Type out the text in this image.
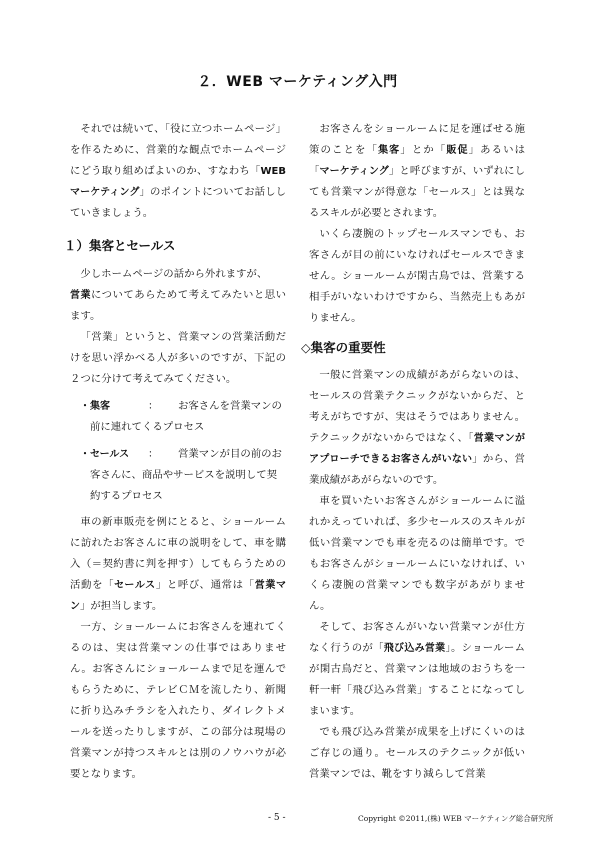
２．WEB マーケティング入門

それでは続いて、「役に立つホームページ」を作るために、営業的な観点でホームページにどう取り組めばよいのか、すなわち「WEB マーケティング」のポイントについてお話ししていきましょう。

１）集客とセールス

少しホームページの話から外れますが、
営業についてあらためて考えてみたいと思います。

「営業」というと、営業マンの営業活動だけを思い浮かべる人が多いのですが、下記の２つに分けて考えてみてください。

・集客	：	お客さんを営業マンの
前に連れてくるプロセス
・セールス ：	営業マンが目の前のお
客さんに、商品やサービスを説明して契約するプロセス

車の新車販売を例にとると、ショールームに訪れたお客さんに車の説明をして、車を購入（＝契約書に判を押す）してもらうための活動を「セールス」と呼び、通常は「営業マン」が担当します。

一方、ショールームにお客さんを連れてくるのは、実は営業マンの仕事ではありません。お客さんにショールームまで足を運んでもらうために、テレビＣＭを流したり、新聞に折り込みチラシを入れたり、ダイレクトメールを送ったりしますが、この部分は現場の営業マンが持つスキルとは別のノウハウが必要となります。

お客さんをショールームに足を運ばせる施策のことを「集客」とか「販促」あるいは「マーケティング」と呼びますが、いずれにしても営業マンが得意な「セールス」とは異なるスキルが必要とされます。

いくら凄腕のトップセールスマンでも、お客さんが目の前にいなければセールスできません。ショールームが閑古鳥では、営業する相手がいないわけですから、当然売上もあがりません。

◇集客の重要性

一般に営業マンの成績があがらないのは、セールスの営業テクニックがないからだ、と考えがちですが、実はそうではありません。テクニックがないからではなく、「営業マンがアプローチできるお客さんがいない」から、営業成績があがらないのです。

車を買いたいお客さんがショールームに溢れかえっていれば、多少セールスのスキルが低い営業マンでも車を売るのは簡単です。でもお客さんがショールームにいなければ、いくら凄腕の営業マンでも数字があがりません。

そして、お客さんがいない営業マンが仕方なく行うのが「飛び込み営業」。ショールームが閑古鳥だと、営業マンは地域のおうちを一軒一軒「飛び込み営業」することになってしまいます。

でも飛び込み営業が成果を上げにくいのはご存じの通り。セールスのテクニックが低い営業マンでは、靴をすり減らして営業

- 5 -	Copyright ©2011,(株) WEB マーケティング総合研究所
